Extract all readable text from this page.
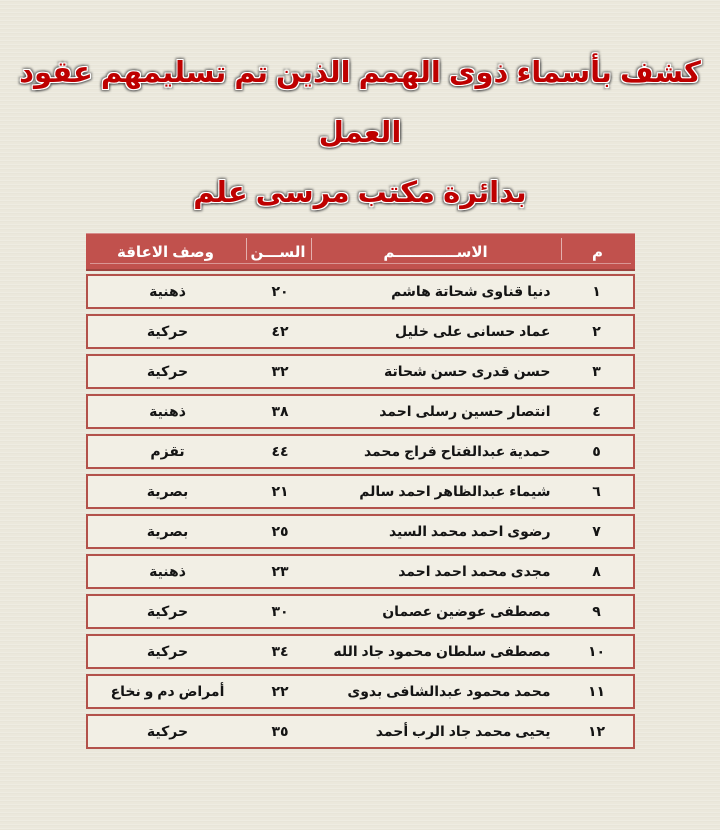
كشف بأسماء ذوى الهمم الذين تم تسليمهم عقود العمل
بدائرة مكتب مرسى علم
م
الاســــــــــــم
الســـن
وصف الاعاقة
١
دنيا قناوى شحاتة هاشم
٢٠
ذهنية
٢
عماد حسانى على خليل
٤٢
حركية
٣
حسن قدرى حسن شحاتة
٣٢
حركية
٤
انتصار حسين رسلى احمد
٣٨
ذهنية
٥
حمدية عبدالفتاح فراج محمد
٤٤
تقزم
٦
شيماء عبدالظاهر احمد سالم
٢١
بصرية
٧
رضوى احمد محمد السيد
٢٥
بصرية
٨
مجدى محمد احمد احمد
٢٣
ذهنية
٩
مصطفى عوضين عصمان
٣٠
حركية
١٠
مصطفى سلطان محمود جاد الله
٣٤
حركية
١١
محمد محمود عبدالشافى بدوى
٢٢
أمراض دم و نخاع
١٢
يحيى محمد جاد الرب أحمد
٣٥
حركية
